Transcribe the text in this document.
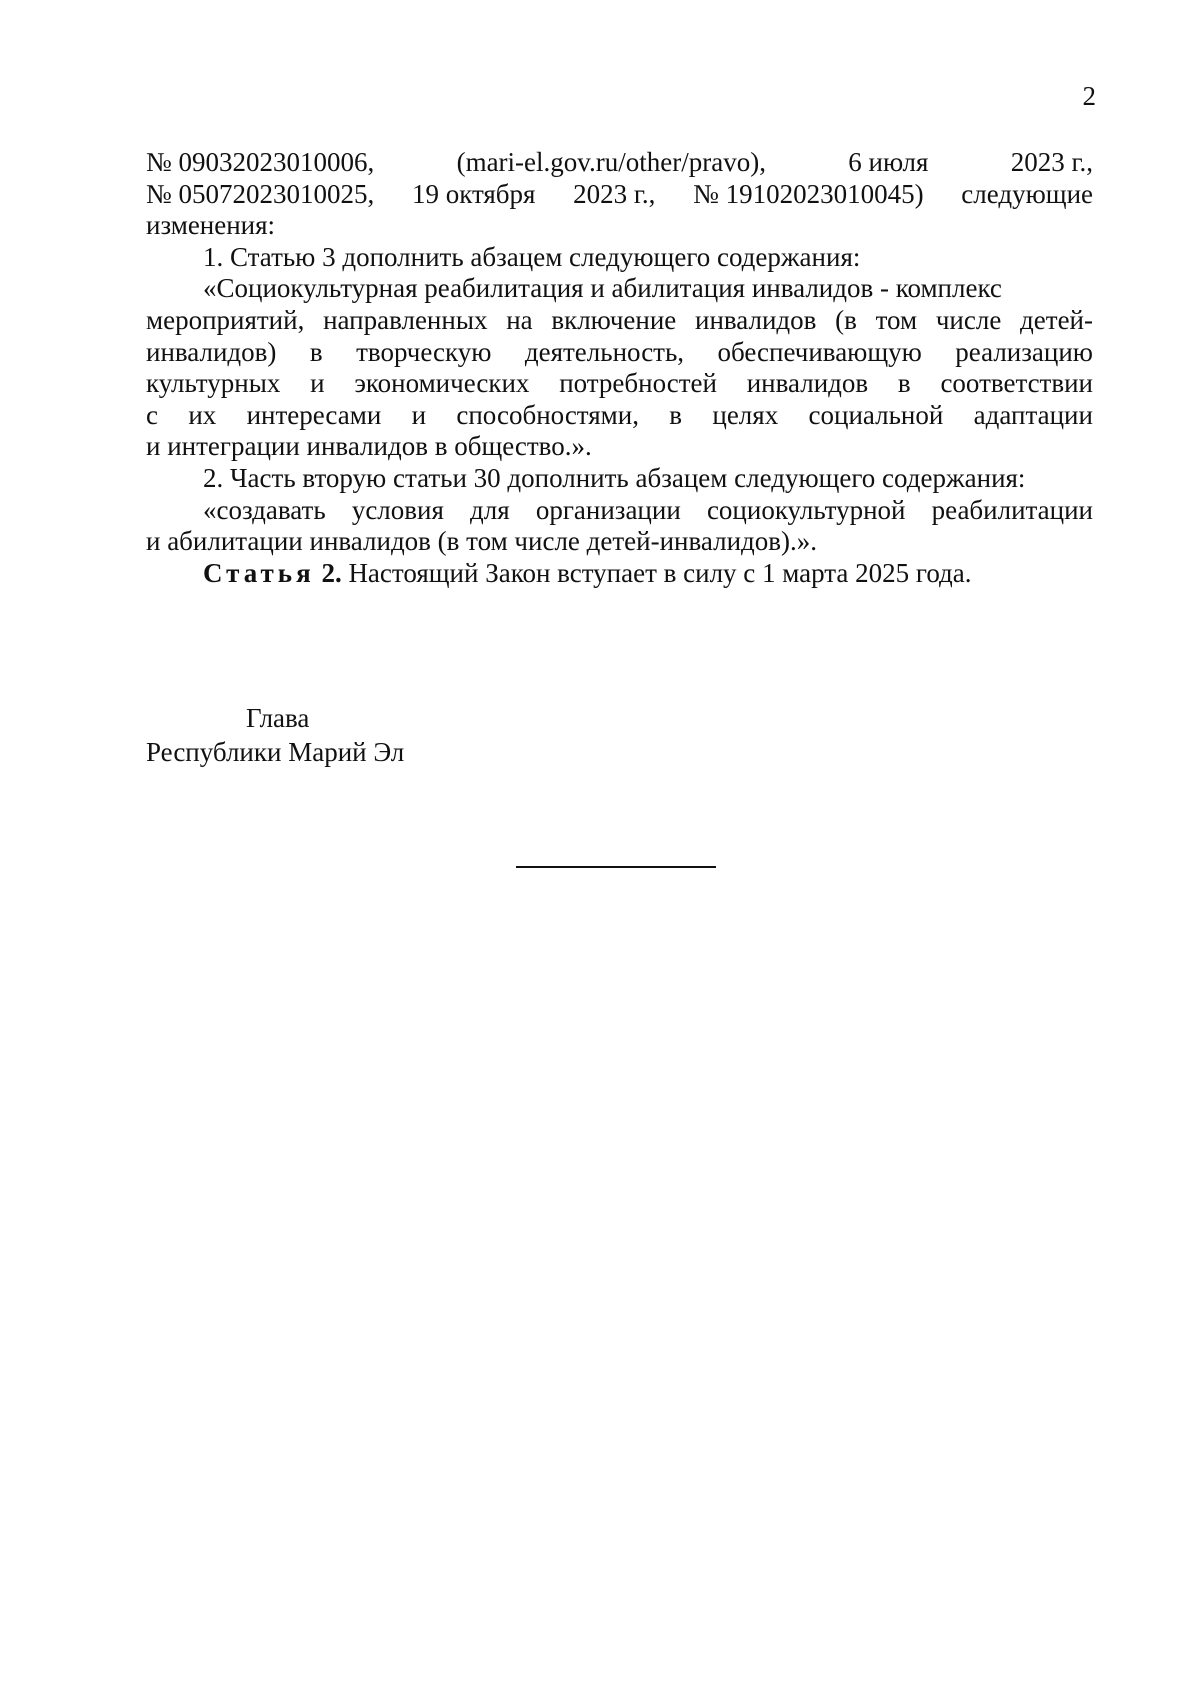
2
№ 09032023010006,	(mari-el.gov.ru/other/pravo),	6 июля	2023 г.,
№ 05072023010025, 19 октября 2023 г., № 19102023010045) следующие
изменения:
1. Статью 3 дополнить абзацем следующего содержания:
«Социокультурная реабилитация и абилитация инвалидов - комплекс
мероприятий, направленных на включение инвалидов (в том числе детей-
инвалидов) в творческую деятельность, обеспечивающую реализацию
культурных и экономических потребностей инвалидов в соответствии
с их интересами и способностями, в целях социальной адаптации
и интеграции инвалидов в общество.».
2. Часть вторую статьи 30 дополнить абзацем следующего содержания:
«создавать условия для организации социокультурной реабилитации
и абилитации инвалидов (в том числе детей-инвалидов).».
Статья 2. Настоящий Закон вступает в силу с 1 марта 2025 года.
Глава
Республики Марий Эл
